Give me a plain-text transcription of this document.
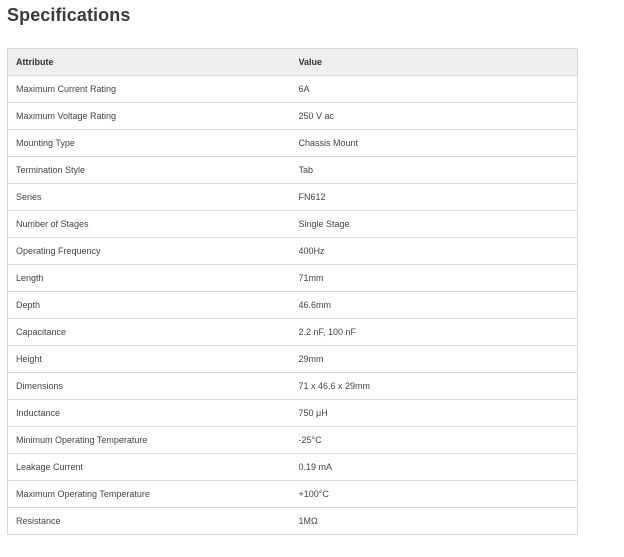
Specifications
Attribute	Value
Maximum Current Rating	6A
Maximum Voltage Rating	250 V ac
Mounting Type	Chassis Mount
Termination Style	Tab
Series	FN612
Number of Stages	Single Stage
Operating Frequency	400Hz
Length	71mm
Depth	46.6mm
Capacitance	2.2 nF, 100 nF
Height	29mm
Dimensions	71 x 46.6 x 29mm
Inductance	750 μH
Minimum Operating Temperature	-25°C
Leakage Current	0.19 mA
Maximum Operating Temperature	+100°C
Resistance	1MΩ
